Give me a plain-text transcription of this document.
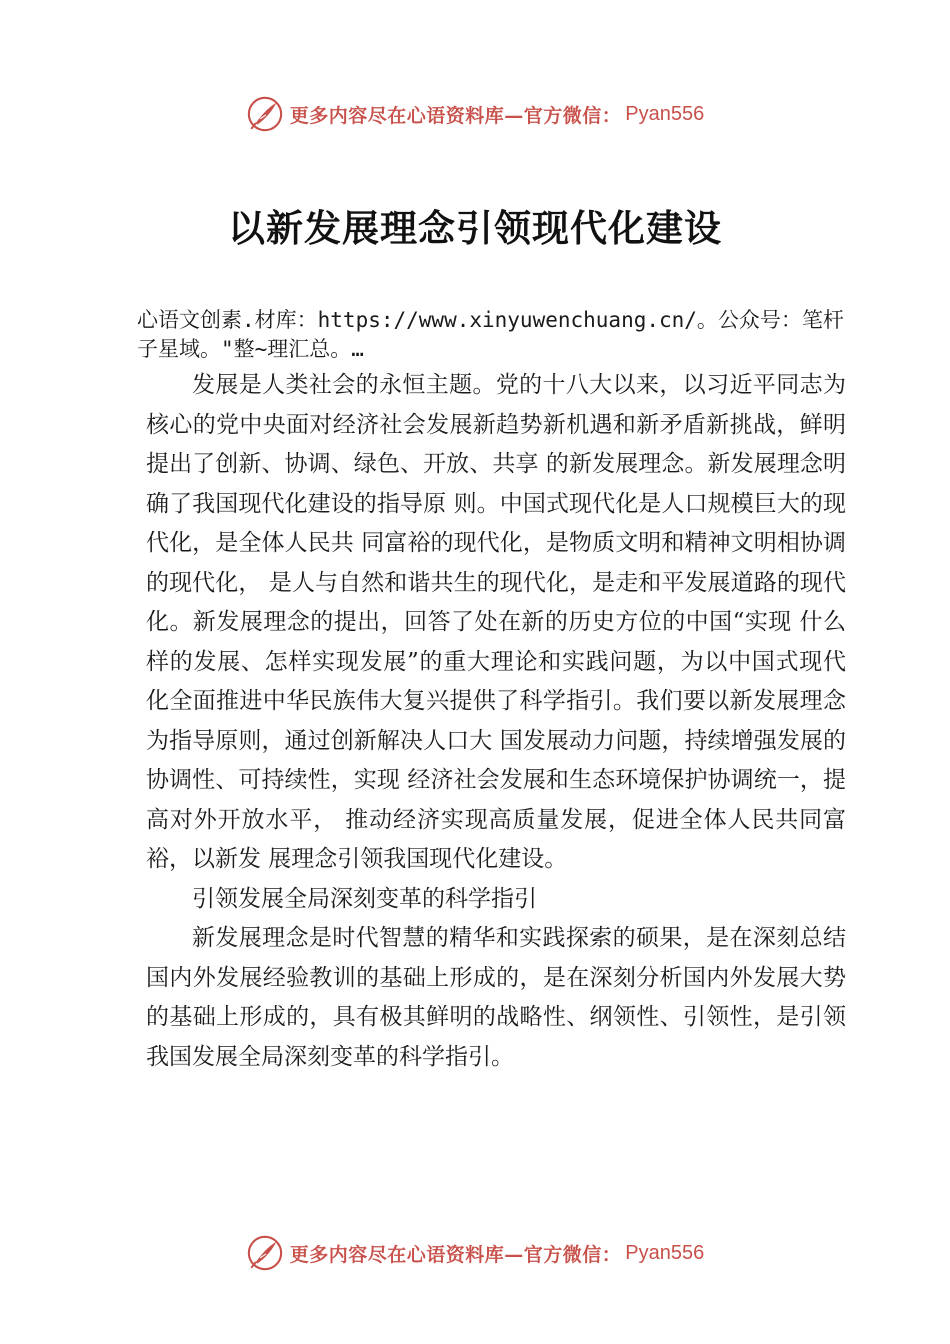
更多内容尽在心语资料库—官方微信： Pyan556
以新发展理念引领现代化建设
心语文创素.材库：https://www.xinyuwenchuang.cn/。公众号：笔杆子星域。"整~理汇总。…

发展是人类社会的永恒主题。党的十八大以来，以习近平同志为核心的党中央面对经济社会发展新趋势新机遇和新矛盾新挑战，鲜明提出了创新、协调、绿色、开放、共享 的新发展理念。新发展理念明确了我国现代化建设的指导原 则。中国式现代化是人口规模巨大的现代化，是全体人民共 同富裕的现代化，是物质文明和精神文明相协调的现代化， 是人与自然和谐共生的现代化，是走和平发展道路的现代化。新发展理念的提出，回答了处在新的历史方位的中国“实现 什么样的发展、怎样实现发展”的重大理论和实践问题，为以中国式现代化全面推进中华民族伟大复兴提供了科学指引。我们要以新发展理念为指导原则，通过创新解决人口大 国发展动力问题，持续增强发展的协调性、可持续性，实现 经济社会发展和生态环境保护协调统一，提高对外开放水平， 推动经济实现高质量发展，促进全体人民共同富裕，以新发 展理念引领我国现代化建设。

引领发展全局深刻变革的科学指引

新发展理念是时代智慧的精华和实践探索的硕果，是在深刻总结国内外发展经验教训的基础上形成的，是在深刻分析国内外发展大势的基础上形成的，具有极其鲜明的战略性、纲领性、引领性，是引领我国发展全局深刻变革的科学指引。

更多内容尽在心语资料库—官方微信： Pyan556
